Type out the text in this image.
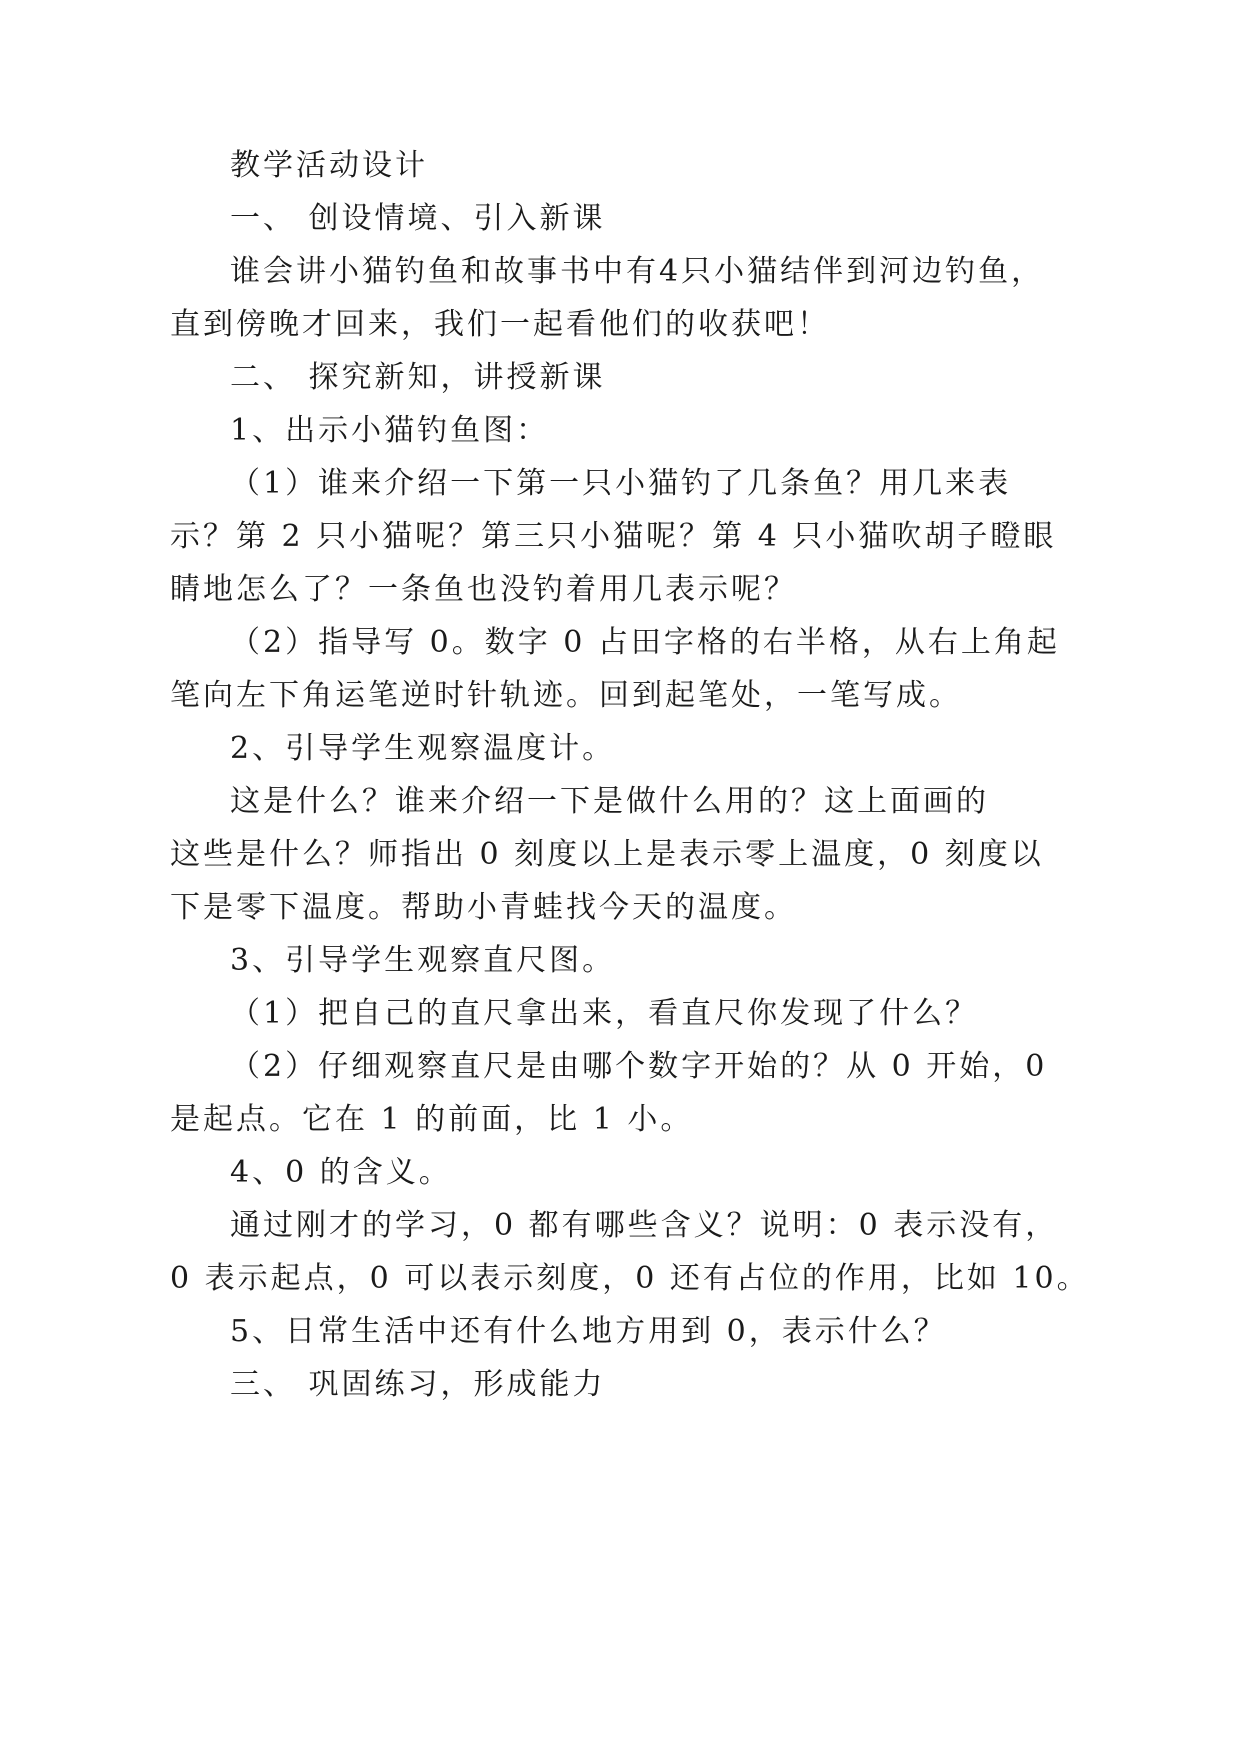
教学活动设计
一、 创设情境、引入新课
谁会讲小猫钓鱼和故事书中有4只小猫结伴到河边钓鱼，
直到傍晚才回来，我们一起看他们的收获吧！
二、 探究新知，讲授新课
1、出示小猫钓鱼图：
（1）谁来介绍一下第一只小猫钓了几条鱼？用几来表
示？第 2 只小猫呢？第三只小猫呢？第 4 只小猫吹胡子瞪眼
睛地怎么了？一条鱼也没钓着用几表示呢？
（2）指导写 0。数字 0 占田字格的右半格，从右上角起
笔向左下角运笔逆时针轨迹。回到起笔处，一笔写成。
2、引导学生观察温度计。
这是什么？谁来介绍一下是做什么用的？这上面画的
这些是什么？师指出 0 刻度以上是表示零上温度，0 刻度以
下是零下温度。帮助小青蛙找今天的温度。
3、引导学生观察直尺图。
（1）把自己的直尺拿出来，看直尺你发现了什么？
（2）仔细观察直尺是由哪个数字开始的？从 0 开始，0
是起点。它在 1 的前面，比 1 小。
4、0 的含义。
通过刚才的学习，0 都有哪些含义？说明：0 表示没有，
0 表示起点，0 可以表示刻度，0 还有占位的作用，比如 10。
5、日常生活中还有什么地方用到 0，表示什么？
三、 巩固练习，形成能力
